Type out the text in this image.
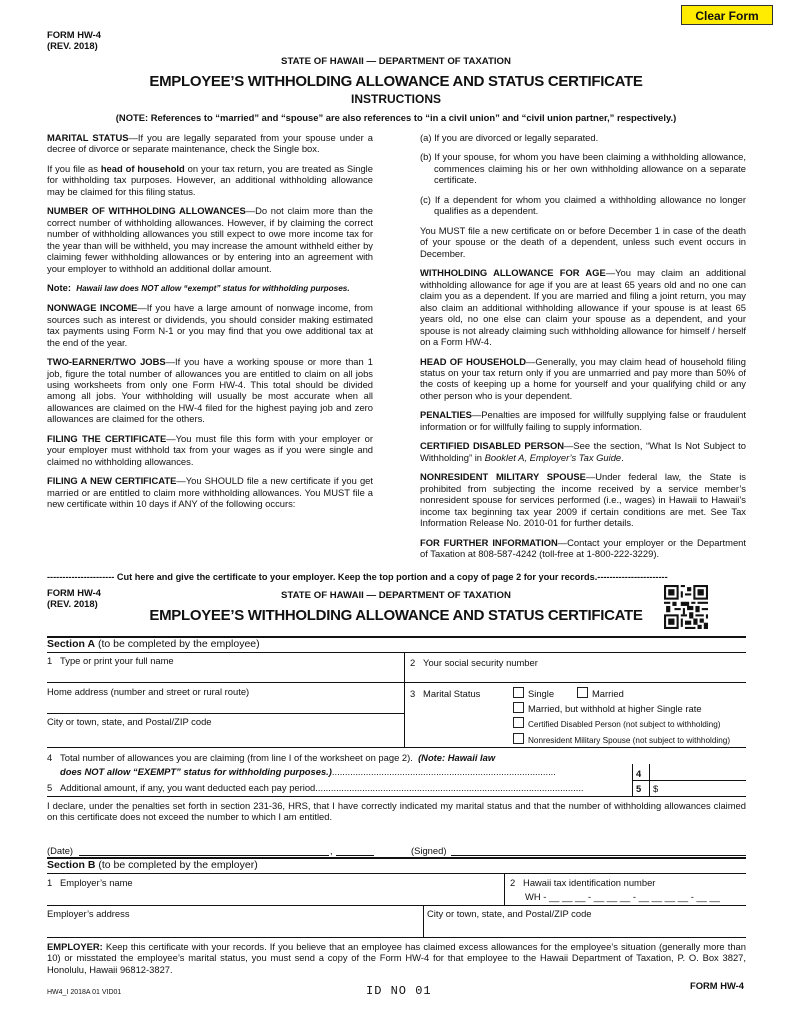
Clear Form
FORM HW-4
(REV. 2018)
STATE OF HAWAII — DEPARTMENT OF TAXATION
EMPLOYEE’S WITHHOLDING ALLOWANCE AND STATUS CERTIFICATE
INSTRUCTIONS
(NOTE: References to “married” and “spouse” are also references to “in a civil union” and “civil union partner,” respectively.)

MARITAL STATUS—If you are legally separated from your spouse under a decree of divorce or separate maintenance, check the Single box.

If you file as head of household on your tax return, you are treated as Single for withholding tax purposes. However, an additional withholding allowance may be claimed for this filing status.

NUMBER OF WITHHOLDING ALLOWANCES—Do not claim more than the correct number of withholding allowances. However, if by claiming the correct number of withholding allowances you still expect to owe more income tax for the year than will be withheld, you may increase the amount withheld either by claiming fewer withholding allowances or by entering into an agreement with your employer to withhold an additional dollar amount.

Note: Hawaii law does NOT allow “exempt” status for withholding purposes.

NONWAGE INCOME—If you have a large amount of nonwage income, from sources such as interest or dividends, you should consider making estimated tax payments using Form N-1 or you may find that you owe additional tax at the end of the year.

TWO-EARNER/TWO JOBS—If you have a working spouse or more than 1 job, figure the total number of allowances you are entitled to claim on all jobs using worksheets from only one Form HW-4. This total should be divided among all jobs. Your withholding will usually be most accurate when all allowances are claimed on the HW-4 filed for the highest paying job and zero allowances are claimed for the others.

FILING THE CERTIFICATE—You must file this form with your employer or your employer must withhold tax from your wages as if you were single and claimed no withholding allowances.

FILING A NEW CERTIFICATE—You SHOULD file a new certificate if you get married or are entitled to claim more withholding allowances. You MUST file a new certificate within 10 days if ANY of the following occurs:

(a) If you are divorced or legally separated.

(b) If your spouse, for whom you have been claiming a withholding allowance, commences claiming his or her own withholding allowance on a separate certificate.

(c) If a dependent for whom you claimed a withholding allowance no longer qualifies as a dependent.

You MUST file a new certificate on or before December 1 in case of the death of your spouse or the death of a dependent, unless such event occurs in December.

WITHHOLDING ALLOWANCE FOR AGE—You may claim an additional withholding allowance for age if you are at least 65 years old and no one can claim you as a dependent. If you are married and filing a joint return, you may also claim an additional withholding allowance if your spouse is at least 65 years old, no one else can claim your spouse as a dependent, and your spouse is not already claiming such withholding allowance for himself / herself on a Form HW-4.

HEAD OF HOUSEHOLD—Generally, you may claim head of household filing status on your tax return only if you are unmarried and pay more than 50% of the costs of keeping up a home for yourself and your qualifying child or any other person who is your dependent.

PENALTIES—Penalties are imposed for willfully supplying false or fraudulent information or for willfully failing to supply information.

CERTIFIED DISABLED PERSON—See the section, “What Is Not Subject to Withholding” in Booklet A, Employer’s Tax Guide.

NONRESIDENT MILITARY SPOUSE—Under federal law, the State is prohibited from subjecting the income received by a service member’s nonresident spouse for services performed (i.e., wages) in Hawaii to Hawaii’s income tax beginning tax year 2009 if certain conditions are met. See Tax Information Release No. 2010-01 for further details.

FOR FURTHER INFORMATION—Contact your employer or the Department of Taxation at 808-587-4242 (toll-free at 1-800-222-3229).

---------------------- Cut here and give the certificate to your employer. Keep the top portion and a copy of page 2 for your records.-----------------------
FORM HW-4
(REV. 2018)
STATE OF HAWAII — DEPARTMENT OF TAXATION
EMPLOYEE’S WITHHOLDING ALLOWANCE AND STATUS CERTIFICATE
Section A (to be completed by the employee)
1 Type or print your full name	2 Your social security number
Home address (number and street or rural route)
City or town, state, and Postal/ZIP code
3 Marital Status	Single	Married
Married, but withhold at higher Single rate
Certified Disabled Person (not subject to withholding)
Nonresident Military Spouse (not subject to withholding)
4 Total number of allowances you are claiming (from line I of the worksheet on page 2). (Note: Hawaii law
does NOT allow “EXEMPT” status for withholding purposes.)......................................................................................	4
5 Additional amount, if any, you want deducted each pay period.......................................................................................................	5 $
I declare, under the penalties set forth in section 231-36, HRS, that I have correctly indicated my marital status and that the number of withholding allowances claimed on this certificate does not exceed the number to which I am entitled.
(Date)	,	(Signed)
Section B (to be completed by the employer)
1 Employer’s name	2 Hawaii tax identification number
WH - __ __ __ - __ __ __ - __ __ __ __ - __ __
Employer’s address	City or town, state, and Postal/ZIP code
EMPLOYER: Keep this certificate with your records. If you believe that an employee has claimed excess allowances for the employee’s situation (generally more than 10) or misstated the employee’s marital status, you must send a copy of the Form HW-4 for that employee to the Hawaii Department of Taxation, P. O. Box 3827, Honolulu, Hawaii 96812-3827.
HW4_I 2018A 01 VID01	ID NO 01	FORM HW-4
